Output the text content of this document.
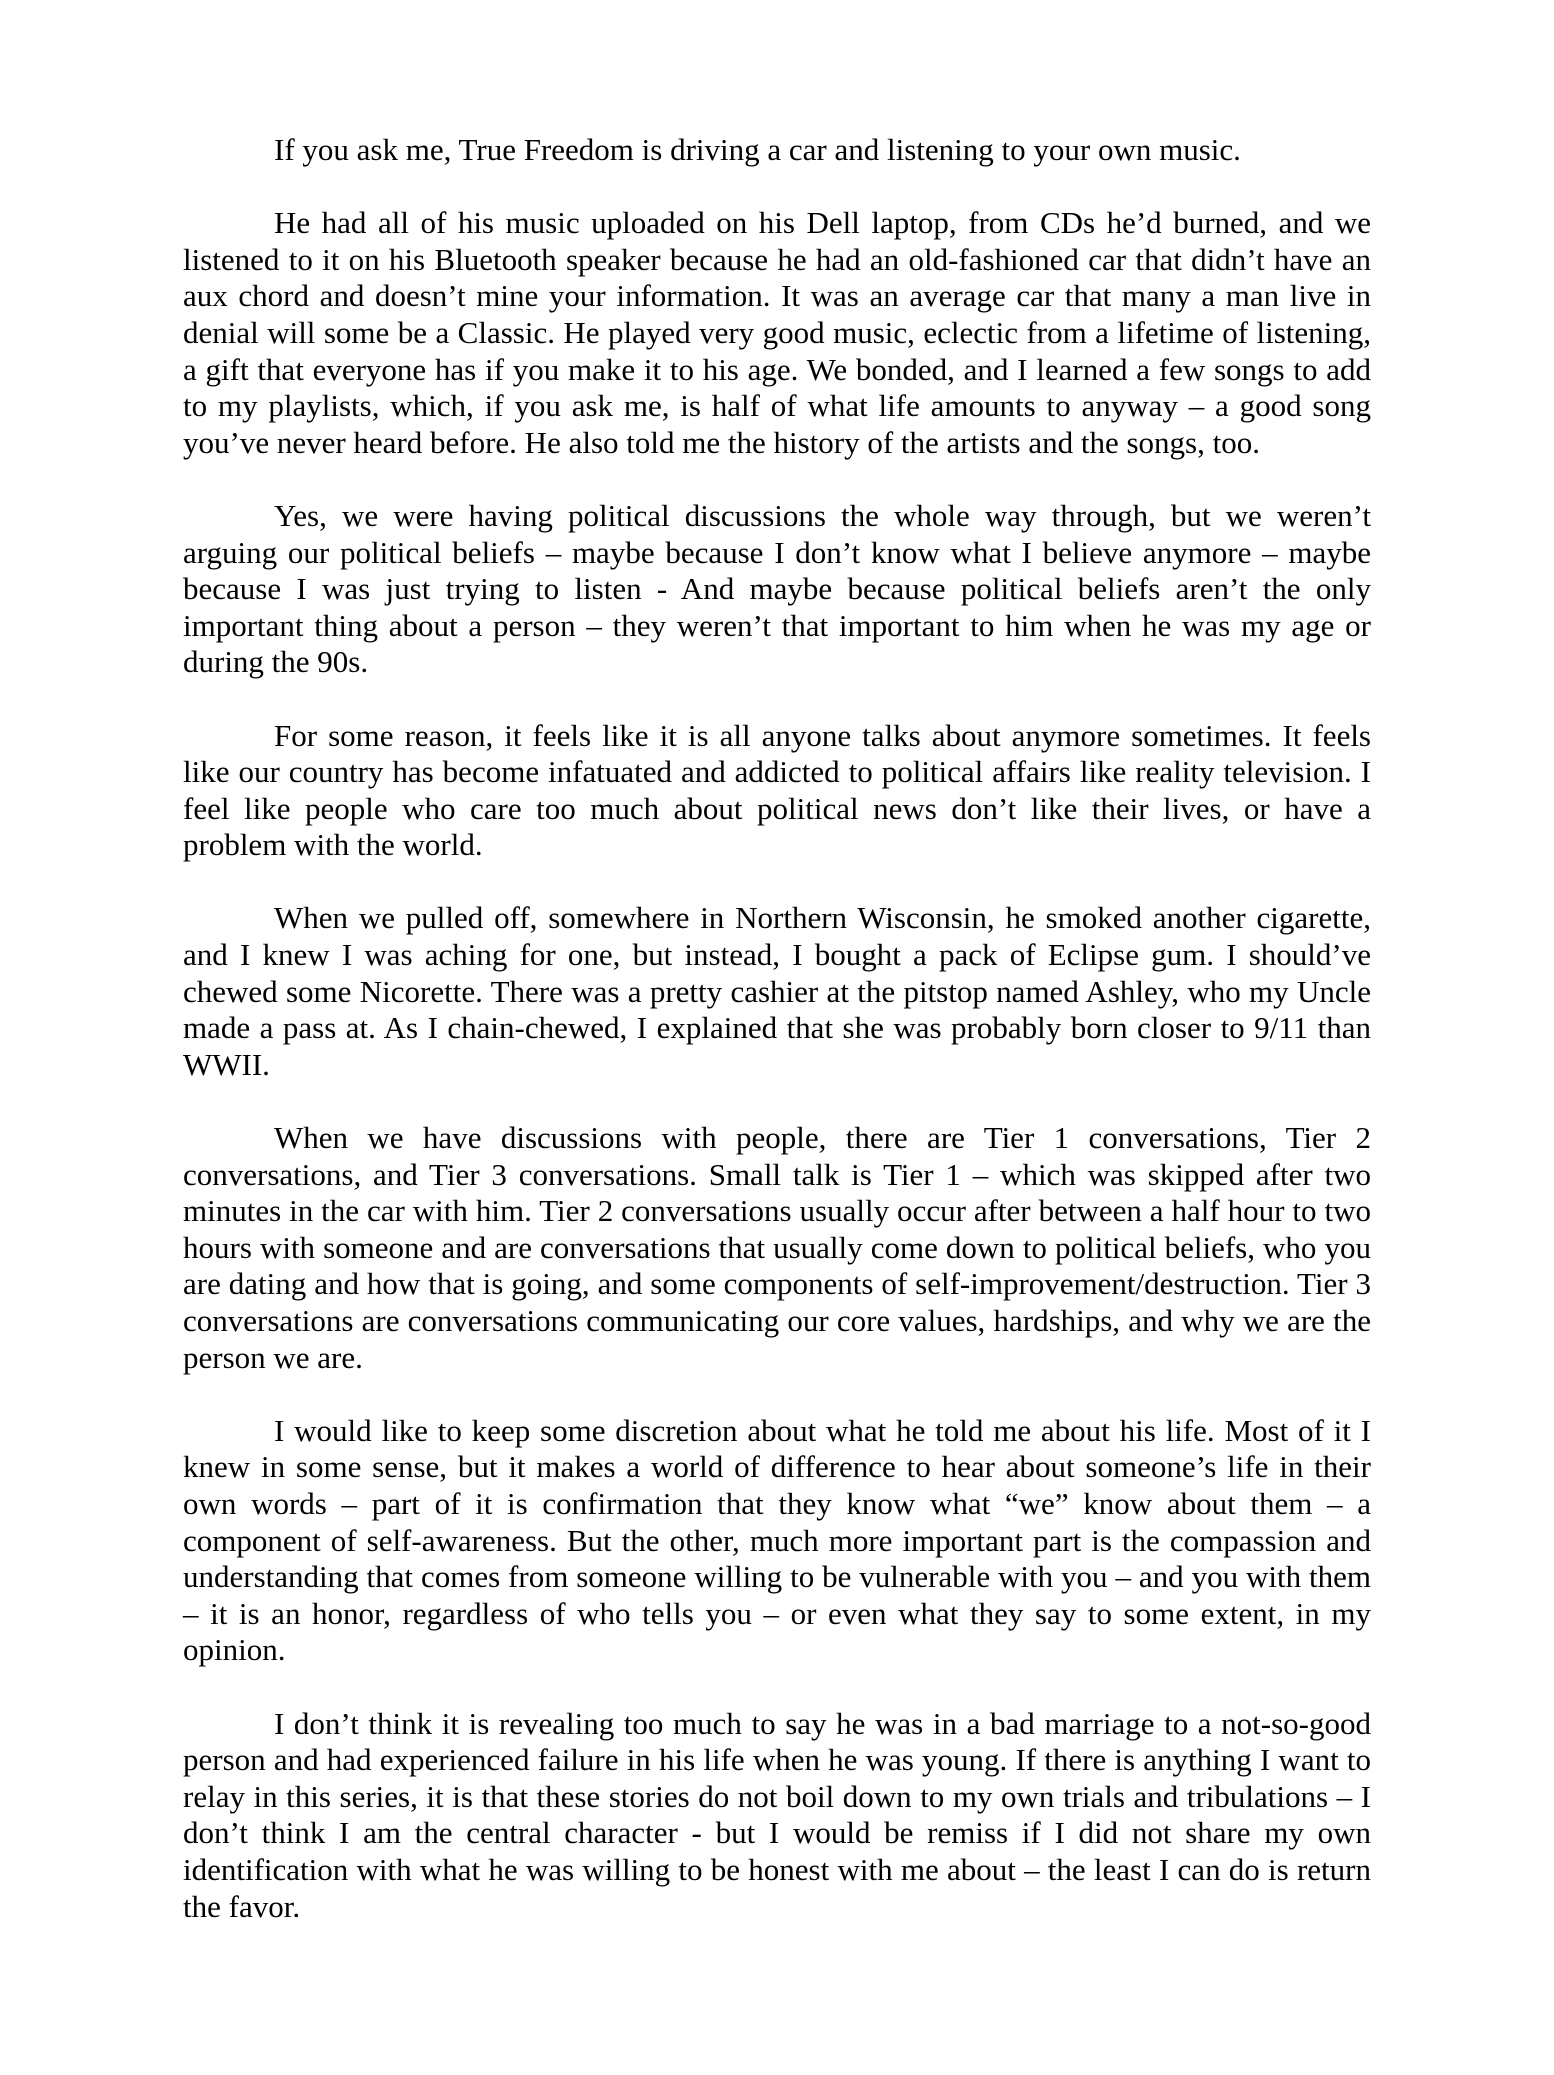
If you ask me, True Freedom is driving a car and listening to your own music.

He had all of his music uploaded on his Dell laptop, from CDs he’d burned, and we listened to it on his Bluetooth speaker because he had an old-fashioned car that didn’t have an aux chord and doesn’t mine your information. It was an average car that many a man live in denial will some be a Classic. He played very good music, eclectic from a lifetime of listening, a gift that everyone has if you make it to his age. We bonded, and I learned a few songs to add to my playlists, which, if you ask me, is half of what life amounts to anyway – a good song you’ve never heard before. He also told me the history of the artists and the songs, too.

Yes, we were having political discussions the whole way through, but we weren’t arguing our political beliefs – maybe because I don’t know what I believe anymore – maybe because I was just trying to listen - And maybe because political beliefs aren’t the only important thing about a person – they weren’t that important to him when he was my age or during the 90s.

For some reason, it feels like it is all anyone talks about anymore sometimes. It feels like our country has become infatuated and addicted to political affairs like reality television. I feel like people who care too much about political news don’t like their lives, or have a problem with the world.

When we pulled off, somewhere in Northern Wisconsin, he smoked another cigarette, and I knew I was aching for one, but instead, I bought a pack of Eclipse gum. I should’ve chewed some Nicorette. There was a pretty cashier at the pitstop named Ashley, who my Uncle made a pass at. As I chain-chewed, I explained that she was probably born closer to 9/11 than WWII.

When we have discussions with people, there are Tier 1 conversations, Tier 2 conversations, and Tier 3 conversations. Small talk is Tier 1 – which was skipped after two minutes in the car with him. Tier 2 conversations usually occur after between a half hour to two hours with someone and are conversations that usually come down to political beliefs, who you are dating and how that is going, and some components of self-improvement/destruction. Tier 3 conversations are conversations communicating our core values, hardships, and why we are the person we are.

I would like to keep some discretion about what he told me about his life. Most of it I knew in some sense, but it makes a world of difference to hear about someone’s life in their own words – part of it is confirmation that they know what “we” know about them – a component of self-awareness. But the other, much more important part is the compassion and understanding that comes from someone willing to be vulnerable with you – and you with them – it is an honor, regardless of who tells you – or even what they say to some extent, in my opinion.

I don’t think it is revealing too much to say he was in a bad marriage to a not-so-good person and had experienced failure in his life when he was young. If there is anything I want to relay in this series, it is that these stories do not boil down to my own trials and tribulations – I don’t think I am the central character - but I would be remiss if I did not share my own identification with what he was willing to be honest with me about – the least I can do is return the favor.
